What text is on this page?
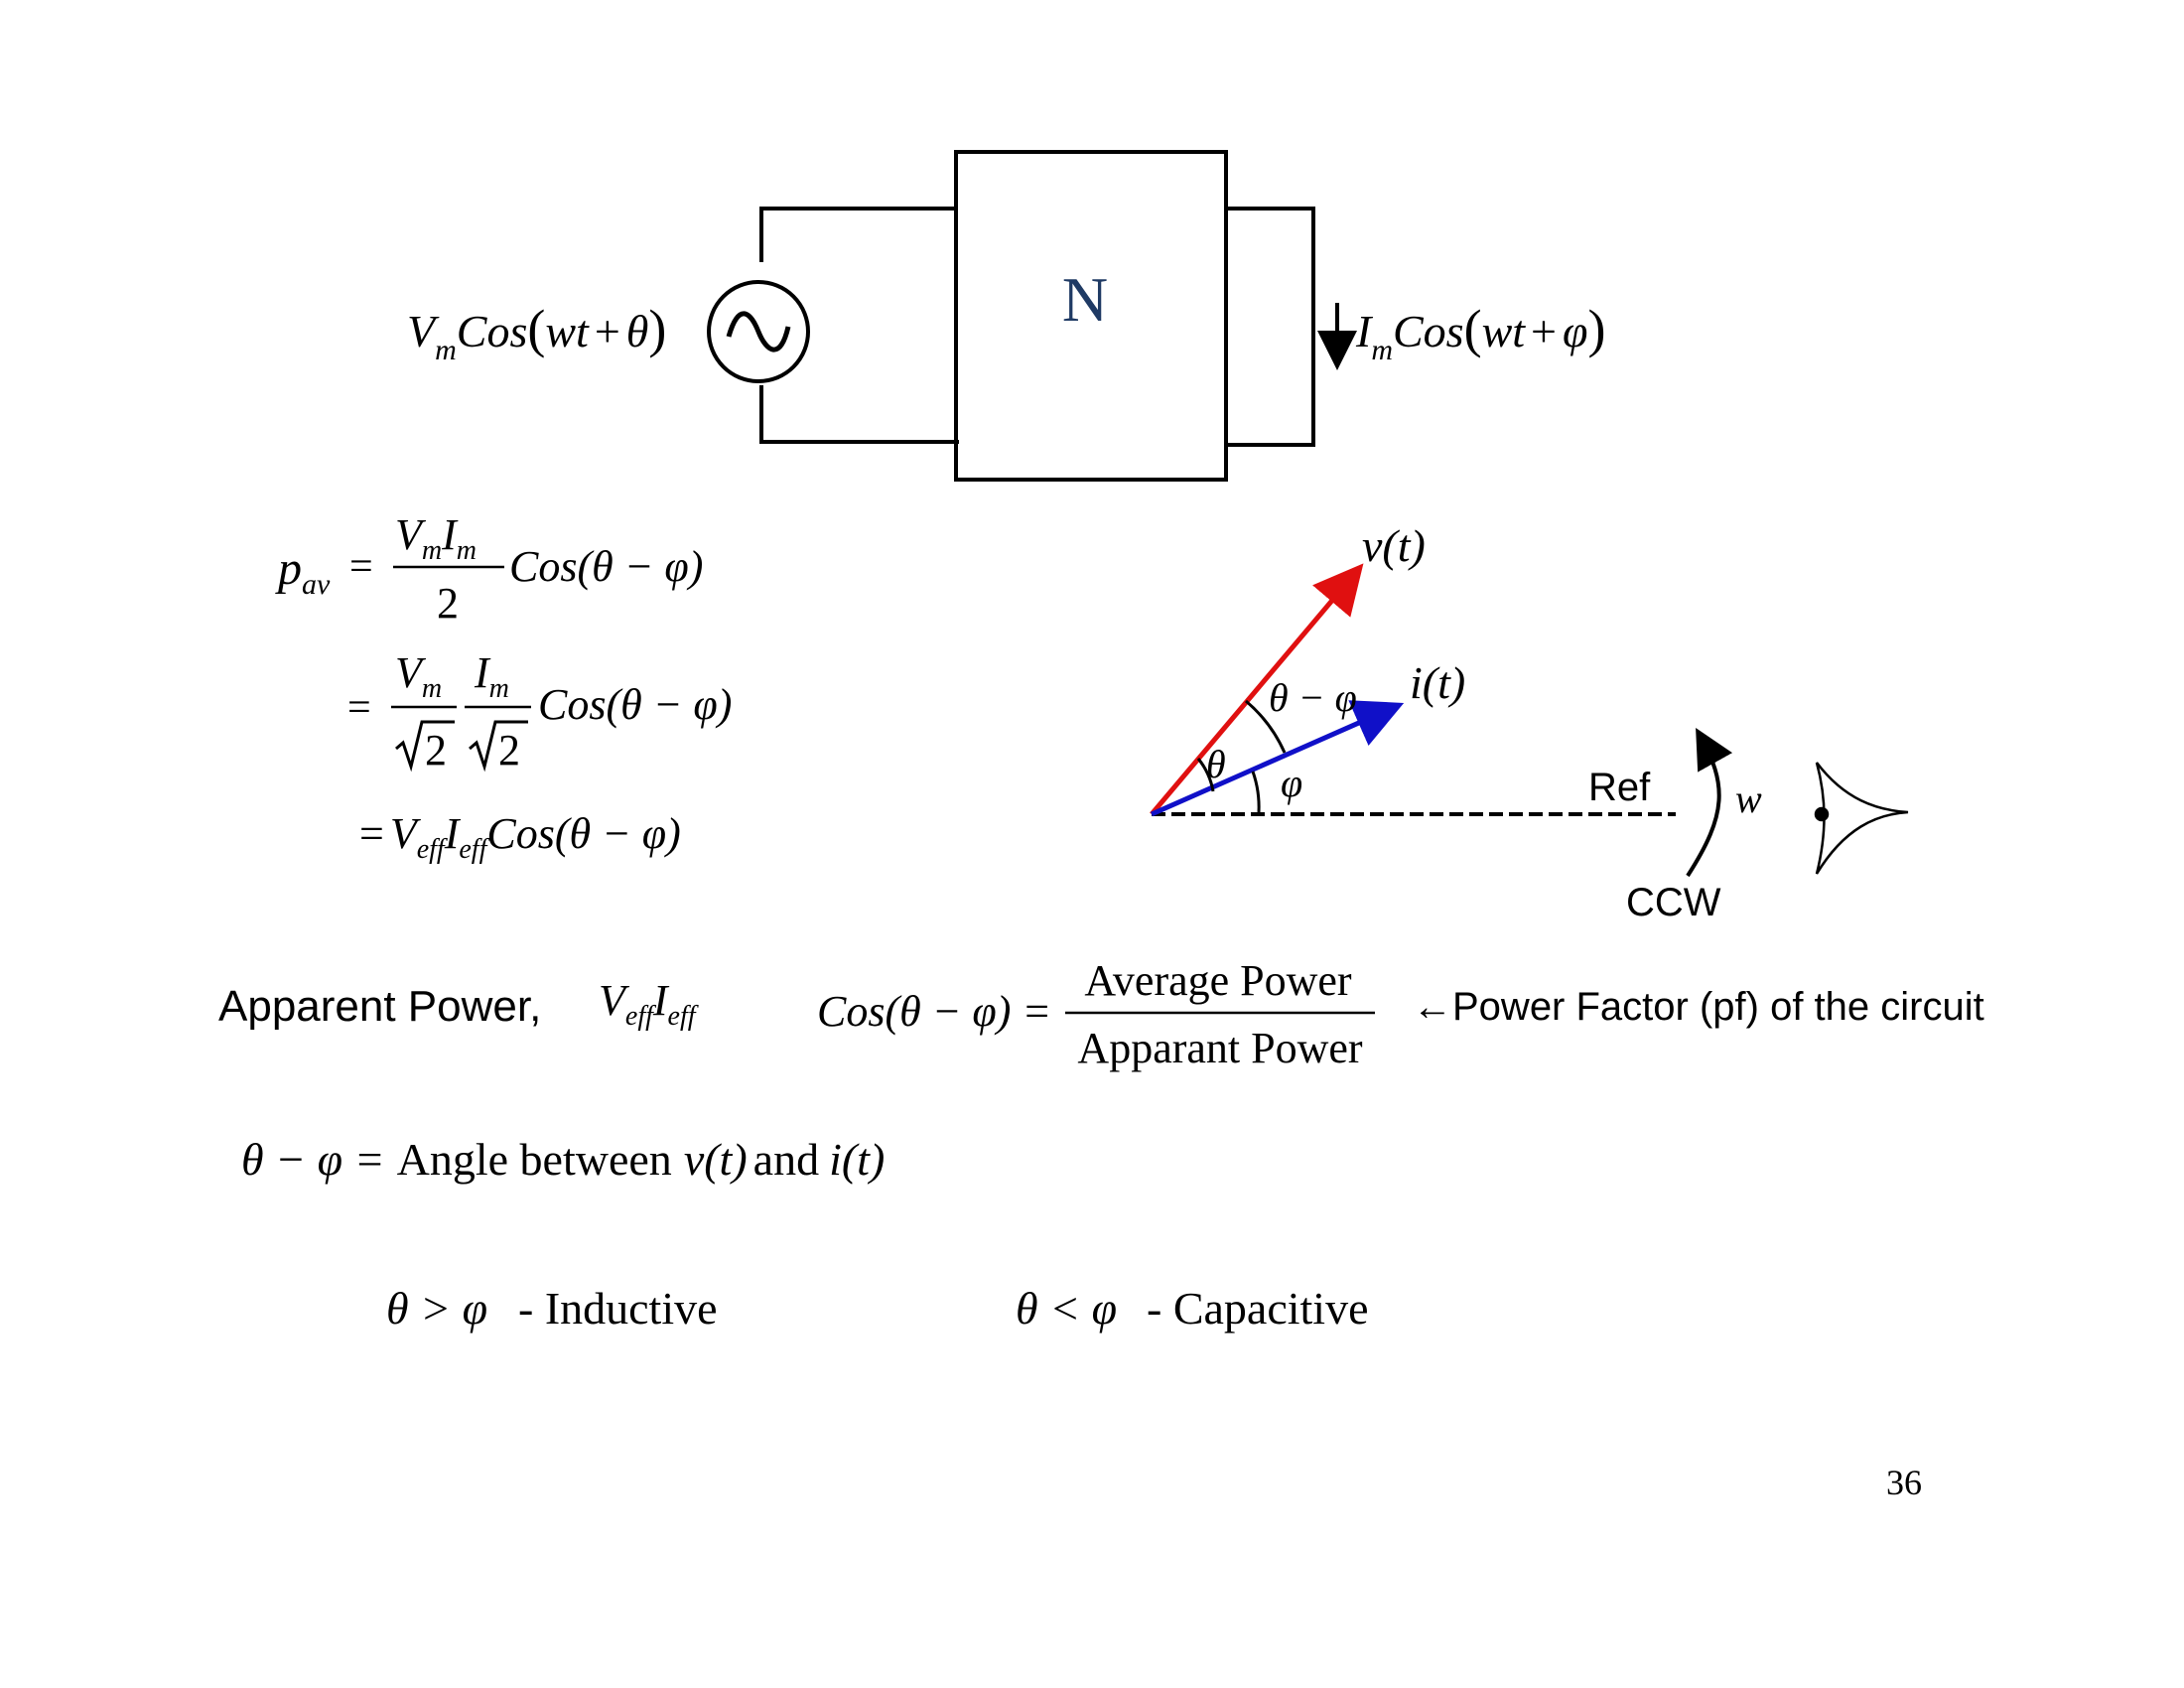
N
$V_mCos(wt + \theta)$	$I_mCos(wt + \varphi)$
$p_{av}$ =
$V_mI_m$
2
Cos(θ − φ)
=
$V_m$
2
$I_m$
2
Cos(θ − φ)
= $V_{eff}I_{eff}Cos(\theta - \varphi)$
v(t)
i(t)
θ − φ
θ φ	Ref w
CCW
Apparent Power, $V_{eff}I_{eff}$	Cos(θ − φ) =
Average Power
Apparant Power
←Power Factor (pf) of the circuit
θ − φ = Angle between v(t) and i(t)
θ > φ - Inductive	θ < φ - Capacitive
36
